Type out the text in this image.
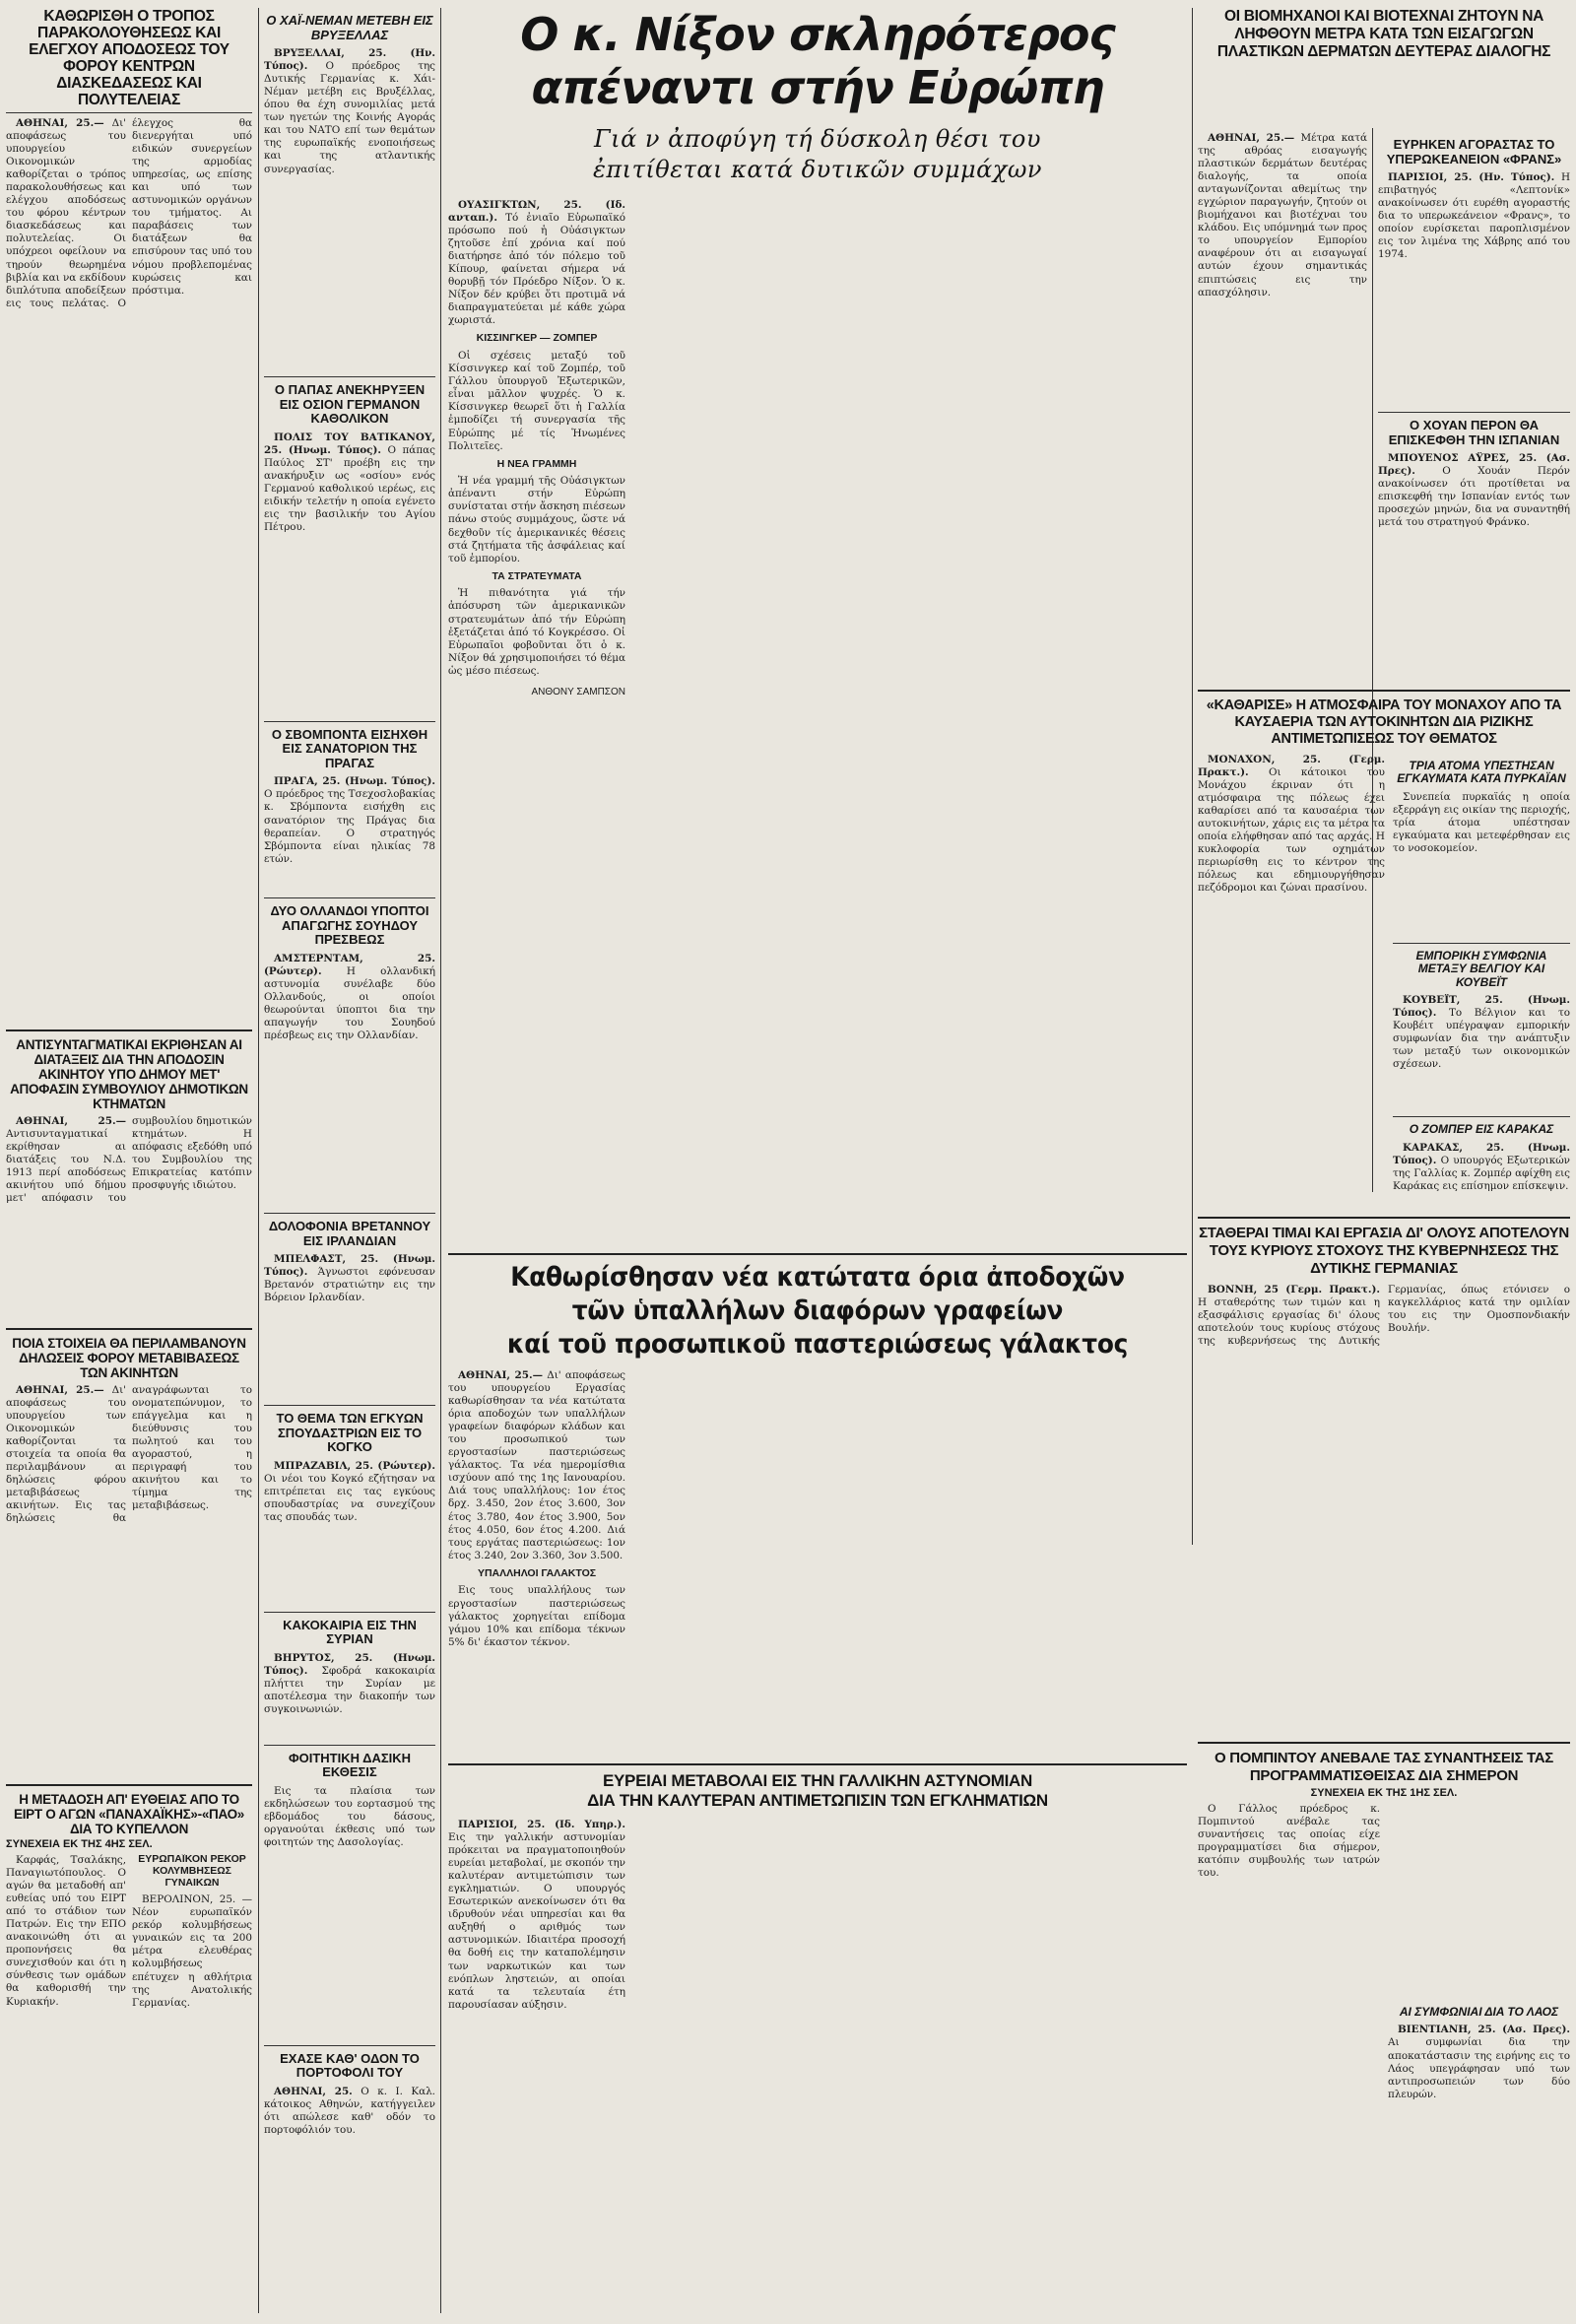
ΚΑΘΩΡΙΣΘΗ Ο ΤΡΟΠΟΣ ΠΑΡΑΚΟΛΟΥΘΗΣΕΩΣ ΚΑΙ ΕΛΕΓΧΟΥ ΑΠΟΔΟΣΕΩΣ ΤΟΥ ΦΟΡΟΥ ΚΕΝΤΡΩΝ ΔΙΑΣΚΕΔΑΣΕΩΣ ΚΑΙ ΠΟΛΥΤΕΛΕΙΑΣ

ΑΘΗΝΑΙ, 25.— Δι' αποφάσεως του υπουργείου Οικονομικών καθορίζεται ο τρόπος παρακολουθήσεως και ελέγχου αποδόσεως του φόρου κέντρων διασκεδάσεως και πολυτελείας. Οι υπόχρεοι οφείλουν να τηρούν θεωρημένα βιβλία και να εκδίδουν διπλότυπα αποδείξεων εις τους πελάτας. Ο έλεγχος θα διενεργήται υπό ειδικών συνεργείων της αρμοδίας υπηρεσίας, ως επίσης και υπό των αστυνομικών οργάνων του τμήματος. Αι παραβάσεις των διατάξεων θα επισύρουν τας υπό του νόμου προβλεπομένας κυρώσεις και πρόστιμα.

ΑΝΤΙΣΥΝΤΑΓΜΑΤΙΚΑΙ ΕΚΡΙΘΗΣΑΝ ΑΙ ΔΙΑΤΑΞΕΙΣ ΔΙΑ ΤΗΝ ΑΠΟΔΟΣΙΝ ΑΚΙΝΗΤΟΥ ΥΠΟ ΔΗΜΟΥ ΜΕΤ' ΑΠΟΦΑΣΙΝ ΣΥΜΒΟΥΛΙΟΥ ΔΗΜΟΤΙΚΩΝ ΚΤΗΜΑΤΩΝ

ΑΘΗΝΑΙ, 25.— Αντισυνταγματικαί εκρίθησαν αι διατάξεις του Ν.Δ. 1913 περί αποδόσεως ακινήτου υπό δήμου μετ' απόφασιν του συμβουλίου δημοτικών κτημάτων. Η απόφασις εξεδόθη υπό του Συμβουλίου της Επικρατείας κατόπιν προσφυγής ιδιώτου.

ΠΟΙΑ ΣΤΟΙΧΕΙΑ ΘΑ ΠΕΡΙΛΑΜΒΑΝΟΥΝ ΔΗΛΩΣΕΙΣ ΦΟΡΟΥ ΜΕΤΑΒΙΒΑΣΕΩΣ ΤΩΝ ΑΚΙΝΗΤΩΝ

ΑΘΗΝΑΙ, 25.— Δι' αποφάσεως του υπουργείου των Οικονομικών καθορίζονται τα στοιχεία τα οποία θα περιλαμβάνουν αι δηλώσεις φόρου μεταβιβάσεως ακινήτων. Εις τας δηλώσεις θα αναγράφωνται το ονοματεπώνυμον, το επάγγελμα και η διεύθυνσις του πωλητού και του αγοραστού, η περιγραφή του ακινήτου και το τίμημα της μεταβιβάσεως.

Η ΜΕΤΑΔΟΣΗ ΑΠ' ΕΥΘΕΙΑΣ ΑΠΟ ΤΟ ΕΙΡΤ Ο ΑΓΩΝ «ΠΑΝΑΧΑΪΚΗΣ»-«ΠΑΟ» ΔΙΑ ΤΟ ΚΥΠΕΛΛΟΝ
ΣΥΝΕΧΕΙΑ ΕΚ ΤΗΣ 4ΗΣ ΣΕΛ.

Καρφάς, Τσαλάκης, Παναγιωτόπουλος. Ο αγών θα μεταδοθή απ' ευθείας υπό του ΕΙΡΤ από το στάδιον των Πατρών. Εις την ΕΠΟ ανακοινώθη ότι αι προπονήσεις θα συνεχισθούν και ότι η σύνθεσις των ομάδων θα καθορισθή την Κυριακήν.

ΕΥΡΩΠΑΪΚΟΝ ΡΕΚΟΡ ΚΟΛΥΜΒΗΣΕΩΣ ΓΥΝΑΙΚΩΝ

ΒΕΡΟΛΙΝΟΝ, 25. — Νέον ευρωπαϊκόν ρεκόρ κολυμβήσεως γυναικών εις τα 200 μέτρα ελευθέρας κολυμβήσεως επέτυχεν η αθλήτρια της Ανατολικής Γερμανίας.

Ο ΧΑΪ-ΝΕΜΑΝ ΜΕΤΕΒΗ ΕΙΣ ΒΡΥΞΕΛΛΑΣ

ΒΡΥΞΕΛΛΑΙ, 25. (Ην. Τύπος). Ο πρόεδρος της Δυτικής Γερμανίας κ. Χάι-Νέμαν μετέβη εις Βρυξέλλας, όπου θα έχη συνομιλίας μετά των ηγετών της Κοινής Αγοράς και του ΝΑΤΟ επί των θεμάτων της ευρωπαϊκής ενοποιήσεως και της ατλαντικής συνεργασίας.

Ο ΠΑΠΑΣ ΑΝΕΚΗΡΥΞΕΝ ΕΙΣ ΟΣΙΟΝ ΓΕΡΜΑΝΟΝ ΚΑΘΟΛΙΚΟΝ

ΠΟΛΙΣ ΤΟΥ ΒΑΤΙΚΑΝΟΥ, 25. (Ηνωμ. Τύπος). Ο πάπας Παύλος ΣΤ' προέβη εις την ανακήρυξιν ως «οσίου» ενός Γερμανού καθολικού ιερέως, εις ειδικήν τελετήν η οποία εγένετο εις την βασιλικήν του Αγίου Πέτρου.

Ο ΣΒΟΜΠΟΝΤΑ ΕΙΣΗΧΘΗ ΕΙΣ ΣΑΝΑΤΟΡΙΟΝ ΤΗΣ ΠΡΑΓΑΣ

ΠΡΑΓΑ, 25. (Ηνωμ. Τύπος). Ο πρόεδρος της Τσεχοσλοβακίας κ. Σβόμποντα εισήχθη εις σανατόριον της Πράγας δια θεραπείαν. Ο στρατηγός Σβόμποντα είναι ηλικίας 78 ετών.

ΔΥΟ ΟΛΛΑΝΔΟΙ ΥΠΟΠΤΟΙ ΑΠΑΓΩΓΗΣ ΣΟΥΗΔΟΥ ΠΡΕΣΒΕΩΣ

ΑΜΣΤΕΡΝΤΑΜ, 25. (Ρώυτερ). Η ολλανδική αστυνομία συνέλαβε δύο Ολλανδούς, οι οποίοι θεωρούνται ύποπτοι δια την απαγωγήν του Σουηδού πρέσβεως εις την Ολλανδίαν.

ΔΟΛΟΦΟΝΙΑ ΒΡΕΤΑΝΝΟΥ ΕΙΣ ΙΡΛΑΝΔΙΑΝ

ΜΠΕΛΦΑΣΤ, 25. (Ηνωμ. Τύπος). Άγνωστοι εφόνευσαν Βρετανόν στρατιώτην εις την Βόρειον Ιρλανδίαν.

ΤΟ ΘΕΜΑ ΤΩΝ ΕΓΚΥΩΝ ΣΠΟΥΔΑΣΤΡΙΩΝ ΕΙΣ ΤΟ ΚΟΓΚΟ

ΜΠΡΑΖΑΒΙΛ, 25. (Ρώυτερ). Οι νέοι του Κογκό εζήτησαν να επιτρέπεται εις τας εγκύους σπουδαστρίας να συνεχίζουν τας σπουδάς των.

ΚΑΚΟΚΑΙΡΙΑ ΕΙΣ ΤΗΝ ΣΥΡΙΑΝ

ΒΗΡΥΤΟΣ, 25. (Ηνωμ. Τύπος). Σφοδρά κακοκαιρία πλήττει την Συρίαν με αποτέλεσμα την διακοπήν των συγκοινωνιών.

ΦΟΙΤΗΤΙΚΗ ΔΑΣΙΚΗ ΕΚΘΕΣΙΣ

Εις τα πλαίσια των εκδηλώσεων του εορτασμού της εβδομάδος του δάσους, οργανούται έκθεσις υπό των φοιτητών της Δασολογίας.

ΕΧΑΣΕ ΚΑΘ' ΟΔΟΝ ΤΟ ΠΟΡΤΟΦΟΛΙ ΤΟΥ

ΑΘΗΝΑΙ, 25. Ο κ. Ι. Καλ. κάτοικος Αθηνών, κατήγγειλεν ότι απώλεσε καθ' οδόν το πορτοφόλιόν του.

Ο κ. Νίξον σκληρότερος
απέναντι στήν Εὐρώπη
Γιά ν ἀποφύγη τή δύσκολη θέσι του
ἐπιτίθεται κατά δυτικῶν συμμάχων

ΟΥΑΣΙΓΚΤΩΝ, 25. (Ιδ. ανταπ.). Τό ἐνιαῖο Εὐρωπαϊκό πρόσωπο πού ἡ Οὐάσιγκτων ζητοῦσε ἐπί χρόνια καί πού διατήρησε ἀπό τόν πόλεμο τοῦ Κίπουρ, φαίνεται σήμερα νά θορυβῇ τόν Πρόεδρο Νίξον. Ὁ κ. Νίξον δέν κρύβει ὅτι προτιμᾶ νά διαπραγματεύεται μέ κάθε χώρα χωριστά.

ΚΙΣΣΙΝΓΚΕΡ — ΖΟΜΠΕΡ

Οἱ σχέσεις μεταξύ τοῦ Κίσσινγκερ καί τοῦ Ζομπέρ, τοῦ Γάλλου ὑπουργοῦ Ἐξωτερικῶν, εἶναι μᾶλλον ψυχρές. Ὁ κ. Κίσσινγκερ θεωρεῖ ὅτι ἡ Γαλλία ἐμποδίζει τή συνεργασία τῆς Εὐρώπης μέ τίς Ἡνωμένες Πολιτεῖες.

Η ΝΕΑ ΓΡΑΜΜΗ

Ἡ νέα γραμμή τῆς Οὐάσιγκτων ἀπέναντι στήν Εὐρώπη συνίσταται στήν ἄσκηση πιέσεων πάνω στούς συμμάχους, ὥστε νά δεχθοῦν τίς ἀμερικανικές θέσεις στά ζητήματα τῆς ἀσφάλειας καί τοῦ ἐμπορίου.

ΤΑ ΣΤΡΑΤΕΥΜΑΤΑ

Ἡ πιθανότητα γιά τήν ἀπόσυρση τῶν ἀμερικανικῶν στρατευμάτων ἀπό τήν Εὐρώπη ἐξετάζεται ἀπό τό Κογκρέσσο. Οἱ Εὐρωπαῖοι φοβοῦνται ὅτι ὁ κ. Νίξον θά χρησιμοποιήσει τό θέμα ὡς μέσο πιέσεως.

ΑΝΘΟΝΥ ΣΑΜΠΣΟΝ
Καθωρίσθησαν νέα κατώτατα όρια ἀποδοχῶν
τῶν ὑπαλλήλων διαφόρων γραφείων
καί τοῦ προσωπικοῦ παστεριώσεως γάλακτος

ΑΘΗΝΑΙ, 25.— Δι' αποφάσεως του υπουργείου Εργασίας καθωρίσθησαν τα νέα κατώτατα όρια αποδοχών των υπαλλήλων γραφείων διαφόρων κλάδων και του προσωπικού των εργοστασίων παστεριώσεως γάλακτος. Τα νέα ημερομίσθια ισχύουν από της 1ης Ιανουαρίου. Διά τους υπαλλήλους: 1ον έτος δρχ. 3.450, 2ον έτος 3.600, 3ον έτος 3.780, 4ον έτος 3.900, 5ον έτος 4.050, 6ον έτος 4.200. Διά τους εργάτας παστεριώσεως: 1ον έτος 3.240, 2ον 3.360, 3ον 3.500.

ΥΠΑΛΛΗΛΟΙ ΓΑΛΑΚΤΟΣ

Εις τους υπαλλήλους των εργοστασίων παστεριώσεως γάλακτος χορηγείται επίδομα γάμου 10% και επίδομα τέκνων 5% δι' έκαστον τέκνον.

ΕΥΡΕΙΑΙ ΜΕΤΑΒΟΛΑΙ ΕΙΣ ΤΗΝ ΓΑΛΛΙΚΗΝ ΑΣΤΥΝΟΜΙΑΝ
ΔΙΑ ΤΗΝ ΚΑΛΥΤΕΡΑΝ ΑΝΤΙΜΕΤΩΠΙΣΙΝ ΤΩΝ ΕΓΚΛΗΜΑΤΙΩΝ

ΠΑΡΙΣΙΟΙ, 25. (Ιδ. Υπηρ.). Εις την γαλλικήν αστυνομίαν πρόκειται να πραγματοποιηθούν ευρείαι μεταβολαί, με σκοπόν την καλυτέραν αντιμετώπισιν των εγκληματιών. Ο υπουργός Εσωτερικών ανεκοίνωσεν ότι θα ιδρυθούν νέαι υπηρεσίαι και θα αυξηθή ο αριθμός των αστυνομικών. Ιδιαιτέρα προσοχή θα δοθή εις την καταπολέμησιν των ναρκωτικών και των ενόπλων ληστειών, αι οποίαι κατά τα τελευταία έτη παρουσίασαν αύξησιν.

ΟΙ ΒΙΟΜΗΧΑΝΟΙ ΚΑΙ ΒΙΟΤΕΧΝΑΙ ΖΗΤΟΥΝ ΝΑ ΛΗΦΘΟΥΝ ΜΕΤΡΑ ΚΑΤΑ ΤΩΝ ΕΙΣΑΓΩΓΩΝ ΠΛΑΣΤΙΚΩΝ ΔΕΡΜΑΤΩΝ ΔΕΥΤΕΡΑΣ ΔΙΑΛΟΓΗΣ

ΑΘΗΝΑΙ, 25.— Μέτρα κατά της αθρόας εισαγωγής πλαστικών δερμάτων δευτέρας διαλογής, τα οποία ανταγωνίζονται αθεμίτως την εγχώριον παραγωγήν, ζητούν οι βιομήχανοι και βιοτέχναι του κλάδου. Εις υπόμνημά των προς το υπουργείον Εμπορίου αναφέρουν ότι αι εισαγωγαί αυτών έχουν σημαντικάς επιπτώσεις εις την απασχόλησιν.

ΕΥΡΗΚΕΝ ΑΓΟΡΑΣΤΑΣ ΤΟ ΥΠΕΡΩΚΕΑΝΕΙΟΝ «ΦΡΑΝΣ»

ΠΑΡΙΣΙΟΙ, 25. (Ην. Τύπος). Η επιβατηγός «Λεπτονίκ» ανακοίνωσεν ότι ευρέθη αγοραστής δια το υπερωκεάνειον «Φρανς», το οποίον ευρίσκεται παροπλισμένον εις τον λιμένα της Χάβρης από του 1974.

Ο ΧΟΥΑΝ ΠΕΡΟΝ ΘΑ ΕΠΙΣΚΕΦΘΗ ΤΗΝ ΙΣΠΑΝΙΑΝ

ΜΠΟΥΕΝΟΣ ΑΫΡΕΣ, 25. (Ασ. Πρες).	Ο Χουάν Περόν ανακοίνωσεν ότι προτίθεται να επισκεφθή την Ισπανίαν εντός των προσεχών μηνών, δια να συναντηθή μετά του στρατηγού Φράνκο.

«ΚΑΘΑΡΙΣΕ» Η ΑΤΜΟΣΦΑΙΡΑ ΤΟΥ ΜΟΝΑΧΟΥ ΑΠΟ ΤΑ ΚΑΥΣΑΕΡΙΑ ΤΩΝ ΑΥΤΟΚΙΝΗΤΩΝ ΔΙΑ ΡΙΖΙΚΗΣ ΑΝΤΙΜΕΤΩΠΙΣΕΩΣ ΤΟΥ ΘΕΜΑΤΟΣ

ΜΟΝΑΧΟΝ, 25. (Γερμ. Πρακτ.). Οι κάτοικοι του Μονάχου έκριναν ότι η ατμόσφαιρα της πόλεως έχει καθαρίσει από τα καυσαέρια των αυτοκινήτων, χάρις εις τα μέτρα τα οποία ελήφθησαν από τας αρχάς. Η κυκλοφορία των οχημάτων περιωρίσθη εις το κέντρον της πόλεως και εδημιουργήθησαν πεζόδρομοι και ζώναι πρασίνου.

ΤΡΙΑ ΑΤΟΜΑ ΥΠΕΣΤΗΣΑΝ ΕΓΚΑΥΜΑΤΑ ΚΑΤΑ ΠΥΡΚΑΪΑΝ

Συνεπεία πυρκαϊάς η οποία εξερράγη εις οικίαν της περιοχής, τρία άτομα υπέστησαν εγκαύματα και μετεφέρθησαν εις το νοσοκομείον.

ΕΜΠΟΡΙΚΗ ΣΥΜΦΩΝΙΑ ΜΕΤΑΞΥ ΒΕΛΓΙΟΥ ΚΑΙ ΚΟΥΒΕΪΤ

ΚΟΥΒΕΪΤ, 25. (Ηνωμ. Τύπος). Το Βέλγιον και το Κουβέιτ υπέγραψαν εμπορικήν συμφωνίαν δια την ανάπτυξιν των μεταξύ των οικονομικών σχέσεων.

Ο ΖΟΜΠΕΡ ΕΙΣ ΚΑΡΑΚΑΣ

ΚΑΡΑΚΑΣ, 25. (Ηνωμ. Τύπος). Ο υπουργός Εξωτερικών της Γαλλίας κ. Ζομπέρ αφίχθη εις Καράκας εις επίσημον επίσκεψιν.

ΣΤΑΘΕΡΑΙ ΤΙΜΑΙ ΚΑΙ ΕΡΓΑΣΙΑ ΔΙ' ΟΛΟΥΣ ΑΠΟΤΕΛΟΥΝ ΤΟΥΣ ΚΥΡΙΟΥΣ ΣΤΟΧΟΥΣ ΤΗΣ ΚΥΒΕΡΝΗΣΕΩΣ ΤΗΣ ΔΥΤΙΚΗΣ ΓΕΡΜΑΝΙΑΣ

ΒΟΝΝΗ, 25 (Γερμ. Πρακτ.). Η σταθερότης των τιμών και η εξασφάλισις εργασίας δι' όλους αποτελούν τους κυρίους στόχους της κυβερνήσεως της Δυτικής Γερμανίας, όπως ετόνισεν ο καγκελλάριος κατά την ομιλίαν του εις την Ομοσπονδιακήν Βουλήν.

Ο ΠΟΜΠΙΝΤΟΥ ΑΝΕΒΑΛΕ ΤΑΣ ΣΥΝΑΝΤΗΣΕΙΣ ΤΑΣ ΠΡΟΓΡΑΜΜΑΤΙΣΘΕΙΣΑΣ ΔΙΑ ΣΗΜΕΡΟΝ
ΣΥΝΕΧΕΙΑ ΕΚ ΤΗΣ 1ΗΣ ΣΕΛ.

Ο Γάλλος πρόεδρος κ. Πομπιντού ανέβαλε τας συναντήσεις τας οποίας είχε προγραμματίσει δια σήμερον, κατόπιν συμβουλής των ιατρών του.

ΑΙ ΣΥΜΦΩΝΙΑΙ ΔΙΑ ΤΟ ΛΑΟΣ

ΒΙΕΝΤΙΑΝΗ, 25. (Ασ. Πρες). Αι συμφωνίαι δια την αποκατάστασιν της ειρήνης εις το Λάος υπεγράφησαν υπό των αντιπροσωπειών των δύο πλευρών.
